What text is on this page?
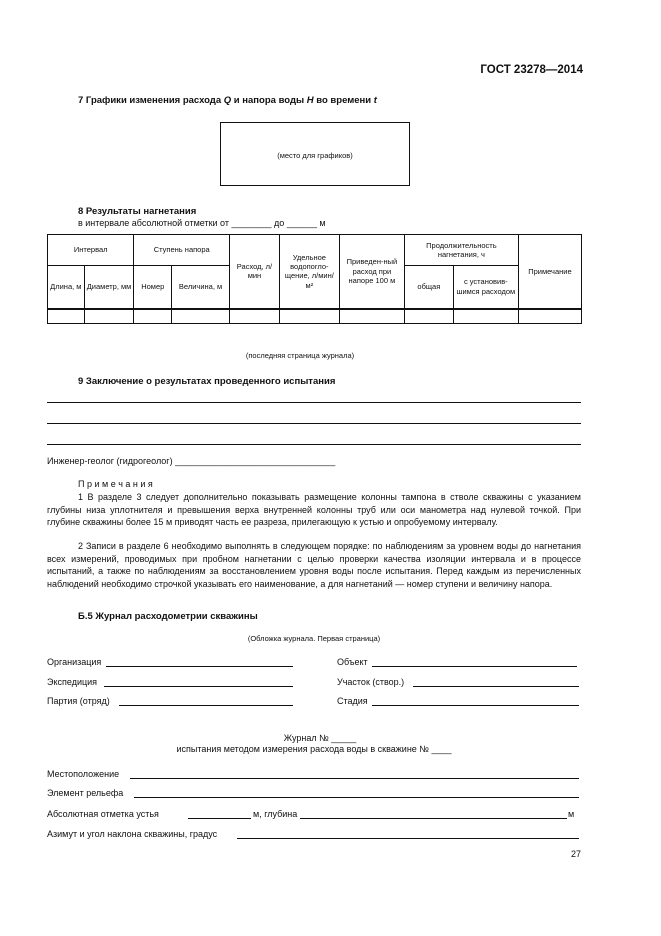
ГОСТ 23278—2014
7 Графики изменения расхода Q и напора воды H во времени t
(место для графиков)
8 Результаты нагнетания
в интервале абсолютной отметки от ________ до ______ м
Интервал		Ступень напора		Расход, л/мин	Удельное водопогло-щение, л/мин/м²	Приведен-ный расход при напоре 100 м	Продолжительность нагнетания, ч		Примечание
Длина, м	Диаметр, мм	Номер	Величина, м				общая	с установив-шимся расходом	

(последняя страница журнала)
9 Заключение о результатах проведенного испытания
Инженер-геолог (гидрогеолог) ________________________________
П р и м е ч а н и я
1 В разделе 3 следует дополнительно показывать размещение колонны тампона в стволе скважины с указанием глубины низа уплотнителя и превышения верха внутренней колонны труб или оси манометра над нулевой точкой. При глубине скважины более 15 м приводят часть ее разреза, прилегающую к устью и опробуемому интервалу.
2 Записи в разделе 6 необходимо выполнять в следующем порядке: по наблюдениям за уровнем воды до нагнетания всех измерений, проводимых при пробном нагнетании с целью проверки качества изоляции интервала и в процессе испытаний, а также по наблюдениям за восстановлением уровня воды после испытания. Перед каждым из перечисленных наблюдений необходимо строчкой указывать его наименование, а для нагнетаний — номер ступени и величину напора.
Б.5 Журнал расходометрии скважины
(Обложка журнала. Первая страница)
Организация	Объект
Экспедиция	Участок (створ.)
Партия (отряд)	Стадия
Журнал № _____
испытания методом измерения расхода воды в скважине № ____
Местоположение
Элемент рельефа
Абсолютная отметка устья	м, глубина	м
Азимут и угол наклона скважины, градус
27
